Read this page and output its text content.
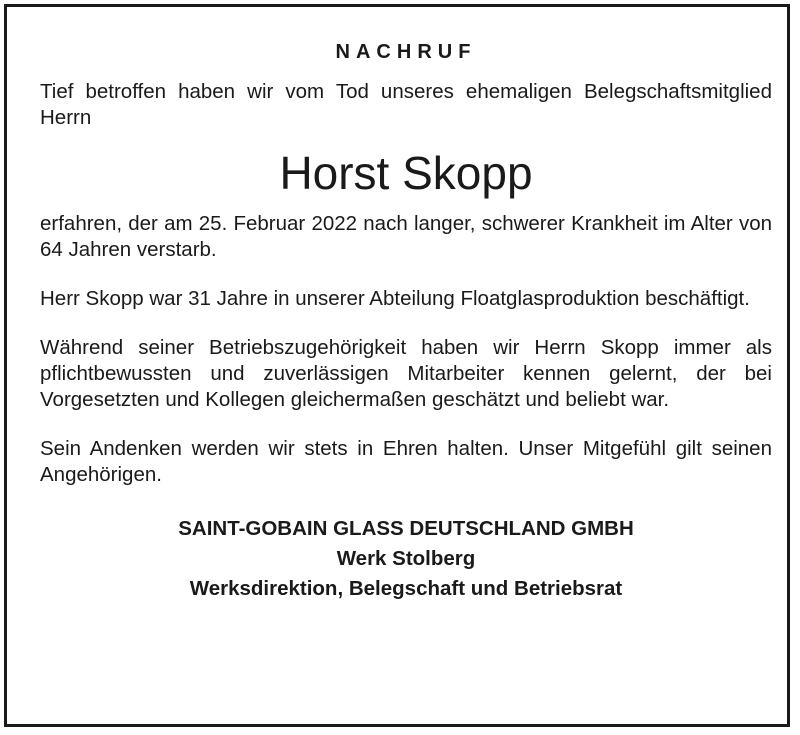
NACHRUF

Tief betroffen haben wir vom Tod unseres ehemaligen Belegschaftsmitglied Herrn

Horst Skopp

erfahren, der am 25. Februar 2022 nach langer, schwerer Krankheit im Alter von 64 Jahren verstarb.

Herr Skopp war 31 Jahre in unserer Abteilung Floatglasproduktion beschäftigt.

Während seiner Betriebszugehörigkeit haben wir Herrn Skopp immer als pflichtbewussten und zuverlässigen Mitarbeiter kennen gelernt, der bei Vorgesetzten und Kollegen gleichermaßen geschätzt und beliebt war.

Sein Andenken werden wir stets in Ehren halten. Unser Mitgefühl gilt seinen Angehörigen.

SAINT-GOBAIN GLASS DEUTSCHLAND GMBH

Werk Stolberg

Werksdirektion, Belegschaft und Betriebsrat
